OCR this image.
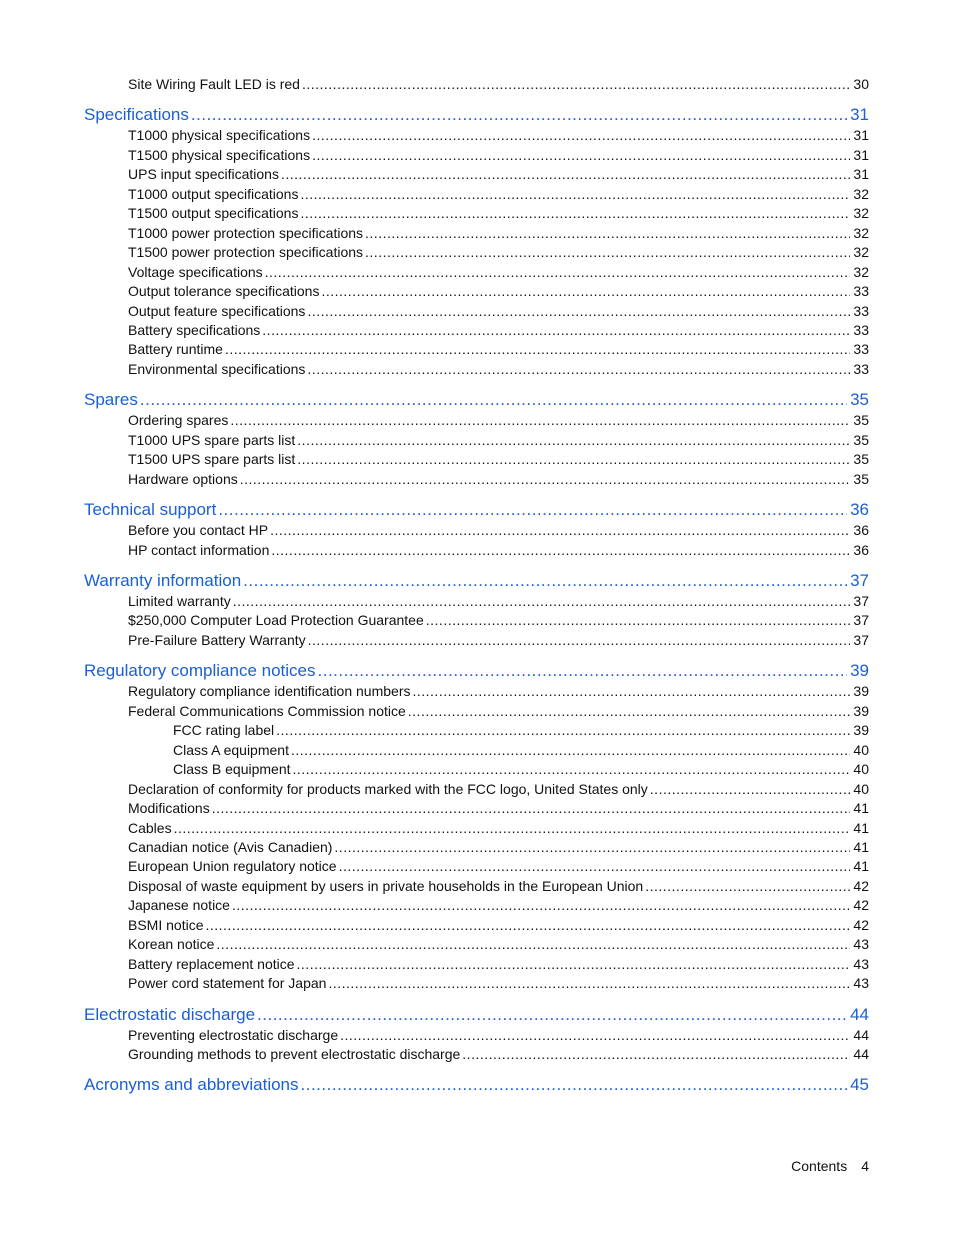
Site Wiring Fault LED is red .....	30
Specifications .....	31
T1000 physical specifications .....	31
T1500 physical specifications .....	31
UPS input specifications .....	31
T1000 output specifications .....	32
T1500 output specifications .....	32
T1000 power protection specifications .....	32
T1500 power protection specifications .....	32
Voltage specifications .....	32
Output tolerance specifications .....	33
Output feature specifications .....	33
Battery specifications .....	33
Battery runtime .....	33
Environmental specifications .....	33
Spares .....	35
Ordering spares .....	35
T1000 UPS spare parts list .....	35
T1500 UPS spare parts list .....	35
Hardware options .....	35
Technical support .....	36
Before you contact HP .....	36
HP contact information .....	36
Warranty information .....	37
Limited warranty .....	37
$250,000 Computer Load Protection Guarantee .....	37
Pre-Failure Battery Warranty .....	37
Regulatory compliance notices .....	39
Regulatory compliance identification numbers .....	39
Federal Communications Commission notice .....	39
FCC rating label .....	39
Class A equipment .....	40
Class B equipment .....	40
Declaration of conformity for products marked with the FCC logo, United States only .....	40
Modifications .....	41
Cables .....	41
Canadian notice (Avis Canadien) .....	41
European Union regulatory notice .....	41
Disposal of waste equipment by users in private households in the European Union .....	42
Japanese notice .....	42
BSMI notice .....	42
Korean notice .....	43
Battery replacement notice .....	43
Power cord statement for Japan .....	43
Electrostatic discharge .....	44
Preventing electrostatic discharge .....	44
Grounding methods to prevent electrostatic discharge .....	44
Acronyms and abbreviations .....	45
Contents 4
